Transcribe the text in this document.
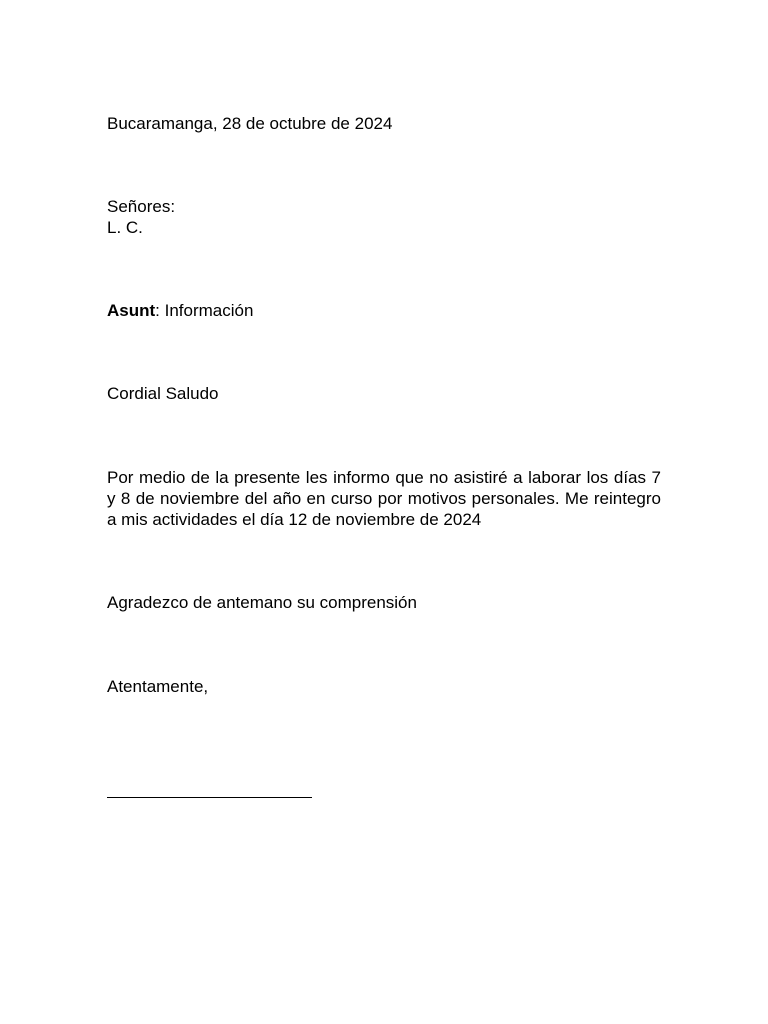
Bucaramanga, 28 de octubre de 2024

Señores:
L. C.

Asunt: Información

Cordial Saludo

Por medio de la presente les informo que no asistiré a laborar los días 7 y 8 de noviembre del año en curso por motivos personales. Me reintegro a mis actividades el día 12 de noviembre de 2024

Agradezco de antemano su comprensión

Atentamente,
